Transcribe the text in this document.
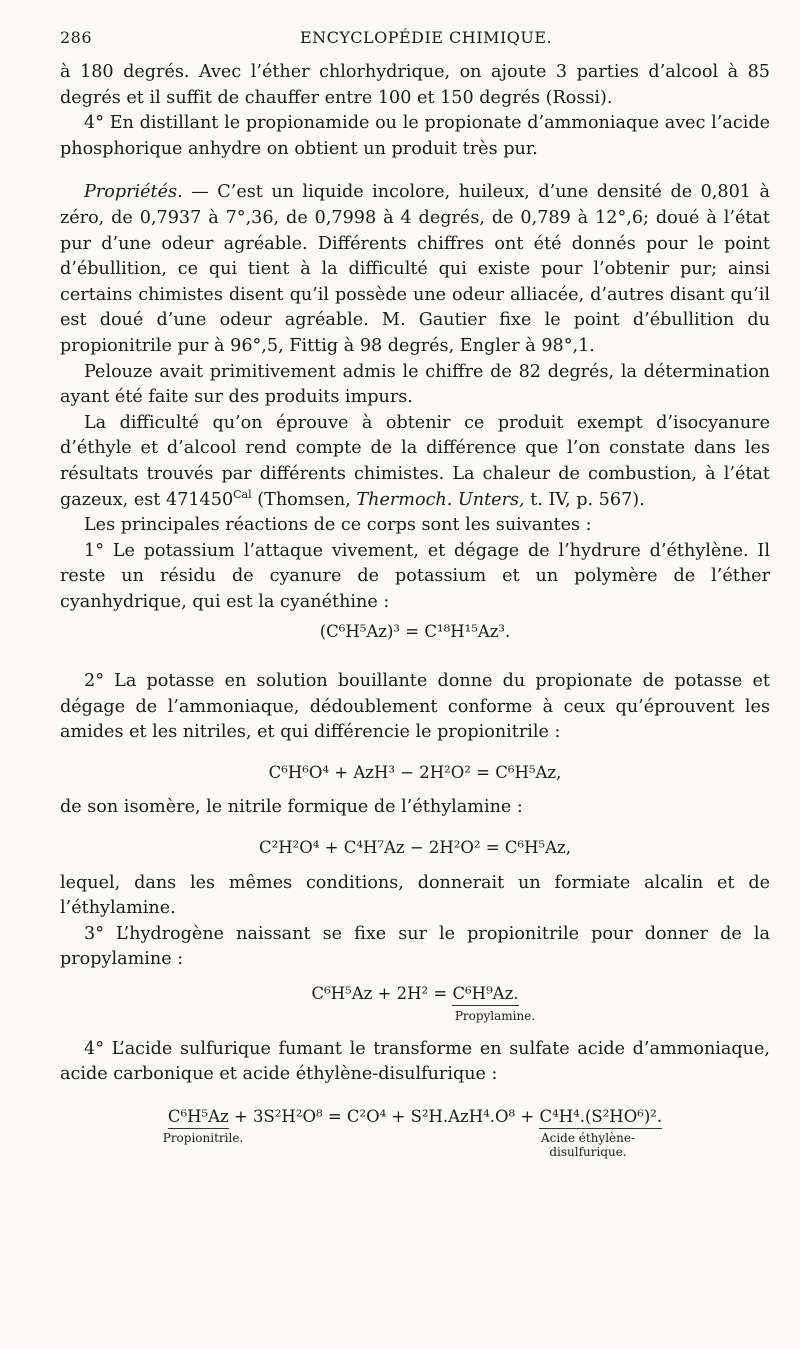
286	ENCYCLOPÉDIE CHIMIQUE.

à 180 degrés. Avec l’éther chlorhydrique, on ajoute 3 parties d’alcool à 85 degrés et il suffit de chauffer entre 100 et 150 degrés (Rossi).

4° En distillant le propionamide ou le propionate d’ammoniaque avec l’acide phosphorique anhydre on obtient un produit très pur.

Propriétés. — C’est un liquide incolore, huileux, d’une densité de 0,801 à zéro, de 0,7937 à 7°,36, de 0,7998 à 4 degrés, de 0,789 à 12°,6; doué à l’état pur d’une odeur agréable. Différents chiffres ont été donnés pour le point d’ébullition, ce qui tient à la difficulté qui existe pour l’obtenir pur; ainsi certains chimistes disent qu’il possède une odeur alliacée, d’autres disant qu’il est doué d’une odeur agréable. M. Gautier fixe le point d’ébullition du propionitrile pur à 96°,5, Fittig à 98 degrés, Engler à 98°,1.

Pelouze avait primitivement admis le chiffre de 82 degrés, la détermination ayant été faite sur des produits impurs.

La difficulté qu’on éprouve à obtenir ce produit exempt d’isocyanure d’éthyle et d’alcool rend compte de la différence que l’on constate dans les résultats trouvés par différents chimistes. La chaleur de combustion, à l’état gazeux, est $471450^{Cal}$ (Thomsen, Thermoch. Unters, t. IV, p. 567).

Les principales réactions de ce corps sont les suivantes :

1° Le potassium l’attaque vivement, et dégage de l’hydrure d’éthylène. Il reste un résidu de cyanure de potassium et un polymère de l’éther cyanhydrique, qui est la cyanéthine :

(C⁶H⁵Az)³ = C¹⁸H¹⁵Az³.

2° La potasse en solution bouillante donne du propionate de potasse et dégage de l’ammoniaque, dédoublement conforme à ceux qu’éprouvent les amides et les nitriles, et qui différencie le propionitrile :

C⁶H⁶O⁴ + AzH³ − 2H²O² = C⁶H⁵Az,

de son isomère, le nitrile formique de l’éthylamine :

C²H²O⁴ + C⁴H⁷Az − 2H²O² = C⁶H⁵Az,

lequel, dans les mêmes conditions, donnerait un formiate alcalin et de l’éthylamine.

3° L’hydrogène naissant se fixe sur le propionitrile pour donner de la propylamine :

C⁶H⁵Az + 2H² = C⁶H⁹Az.
Propylamine.

4° L’acide sulfurique fumant le transforme en sulfate acide d’ammoniaque, acide carbonique et acide éthylène-disulfurique :

C⁶H⁵Az + 3S²H²O⁸ = C²O⁴ + S²H.AzH⁴.O⁸ + C⁴H⁴.(S²HO⁶)².
Propionitrile.	Acide éthylène-disulfurique.
